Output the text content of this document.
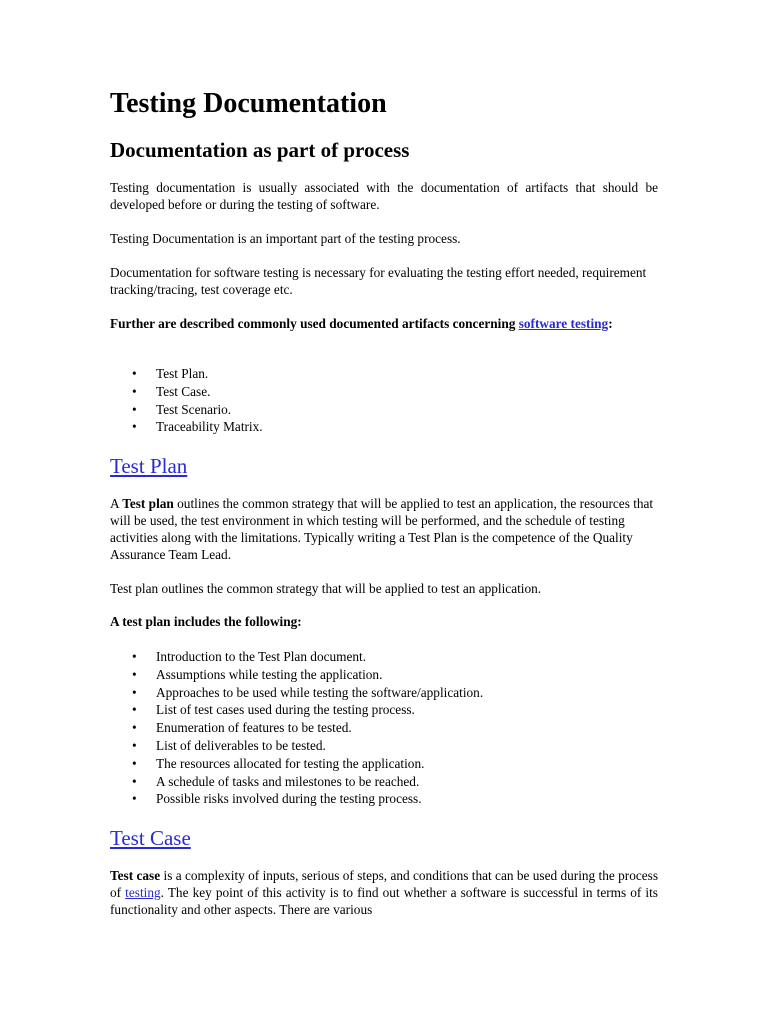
Testing Documentation
Documentation as part of process

Testing documentation is usually associated with the documentation of artifacts that should be developed before or during the testing of software.

Testing Documentation is an important part of the testing process.

Documentation for software testing is necessary for evaluating the testing effort needed, requirement tracking/tracing, test coverage etc.

Further are described commonly used documented artifacts concerning software testing:

• Test Plan.
• Test Case.
• Test Scenario.
• Traceability Matrix.
Test Plan

A Test plan outlines the common strategy that will be applied to test an application, the resources that will be used, the test environment in which testing will be performed, and the schedule of testing activities along with the limitations. Typically writing a Test Plan is the competence of the Quality Assurance Team Lead.

Test plan outlines the common strategy that will be applied to test an application.

A test plan includes the following:

• Introduction to the Test Plan document.
• Assumptions while testing the application.
• Approaches to be used while testing the software/application.
• List of test cases used during the testing process.
• Enumeration of features to be tested.
• List of deliverables to be tested.
• The resources allocated for testing the application.
• A schedule of tasks and milestones to be reached.
• Possible risks involved during the testing process.
Test Case

Test case is a complexity of inputs, serious of steps, and conditions that can be used during the process of testing. The key point of this activity is to find out whether a software is successful in terms of its functionality and other aspects. There are various
